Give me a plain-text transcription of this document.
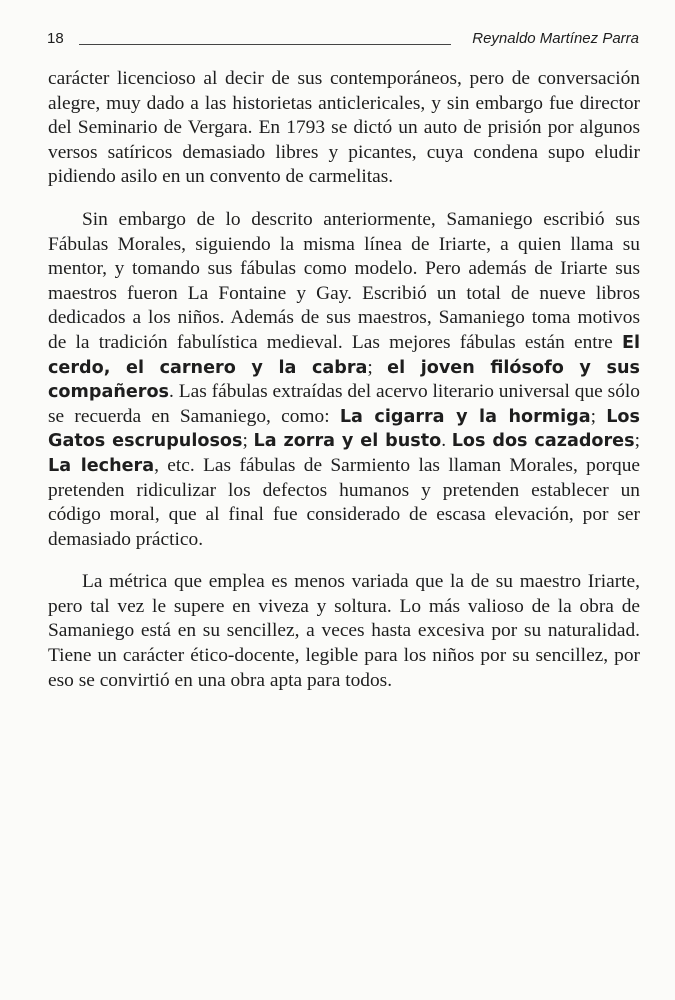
18	Reynaldo Martínez Parra

carácter licencioso al decir de sus contemporáneos, pero de conversación alegre, muy dado a las historietas anticlericales, y sin embargo fue director del Seminario de Vergara. En 1793 se dictó un auto de prisión por algunos versos satíricos demasiado libres y picantes, cuya condena supo eludir pidiendo asilo en un convento de carmelitas.

Sin embargo de lo descrito anteriormente, Samaniego escribió sus Fábulas Morales, siguiendo la misma línea de Iriarte, a quien llama su mentor, y tomando sus fábulas como modelo. Pero además de Iriarte sus maestros fueron La Fontaine y Gay. Escribió un total de nueve libros dedicados a los niños. Además de sus maestros, Samaniego toma motivos de la tradición fabulística medieval. Las mejores fábulas están entre El cerdo, el carnero y la cabra; el joven filósofo y sus compañeros. Las fábulas extraídas del acervo literario universal que sólo se recuerda en Samaniego, como: La cigarra y la hormiga; Los Gatos escrupulosos; La zorra y el busto. Los dos cazadores; La lechera, etc. Las fábulas de Sarmiento las llaman Morales, porque pretenden ridiculizar los defectos humanos y pretenden establecer un código moral, que al final fue considerado de escasa elevación, por ser demasiado práctico.

La métrica que emplea es menos variada que la de su maestro Iriarte, pero tal vez le supere en viveza y soltura. Lo más valioso de la obra de Samaniego está en su sencillez, a veces hasta excesiva por su naturalidad. Tiene un carácter ético-docente, legible para los niños por su sencillez, por eso se convirtió en una obra apta para todos.
